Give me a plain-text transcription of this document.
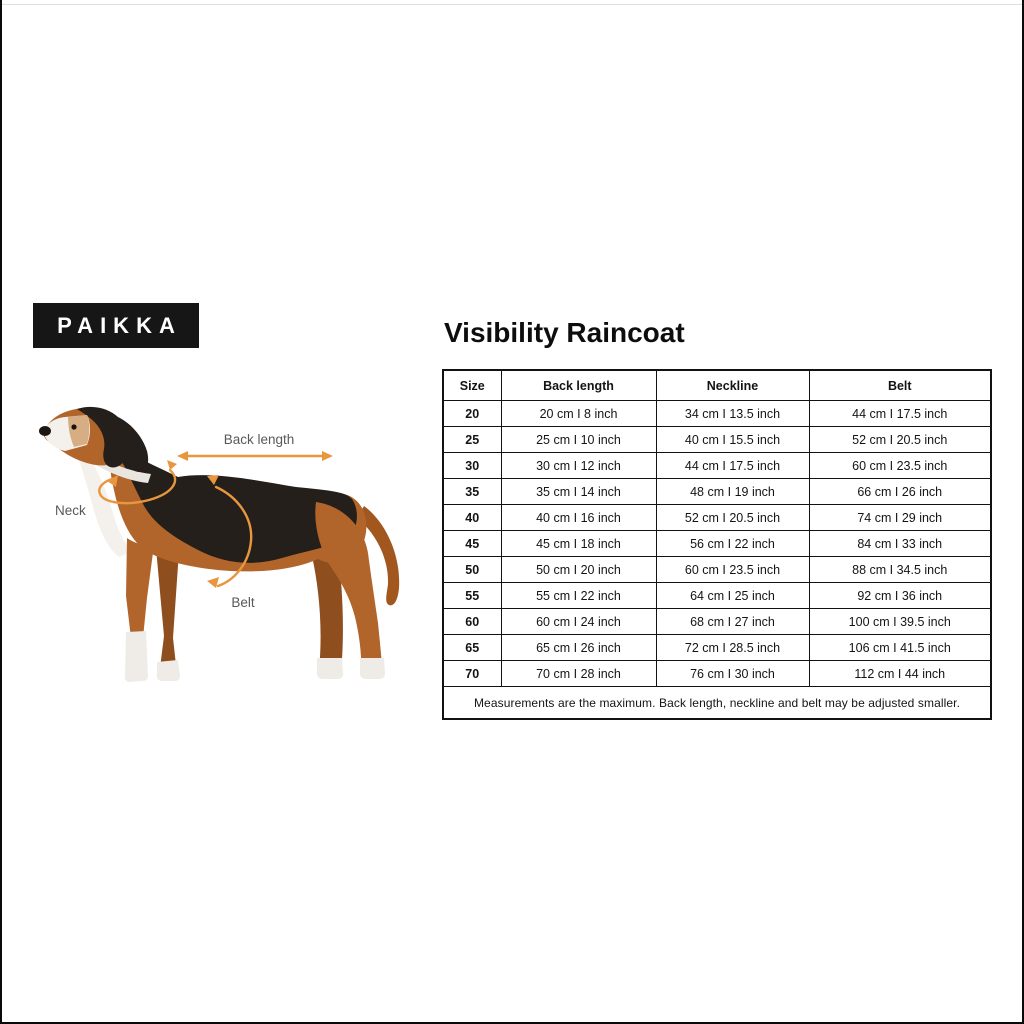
PAIKKA
Back length
Neck
Belt
Visibility Raincoat
Size	Back length	Neckline	Belt
20	20 cm I 8 inch	34 cm I 13.5 inch	44 cm I 17.5 inch
25	25 cm I 10 inch	40 cm I 15.5 inch	52 cm I 20.5 inch
30	30 cm I 12 inch	44 cm I 17.5 inch	60 cm I 23.5 inch
35	35 cm I 14 inch	48 cm I 19 inch	66 cm I 26 inch
40	40 cm I 16 inch	52 cm I 20.5 inch	74 cm I 29 inch
45	45 cm I 18 inch	56 cm I 22 inch	84 cm I 33 inch
50	50 cm I 20 inch	60 cm I 23.5 inch	88 cm I 34.5 inch
55	55 cm I 22 inch	64 cm I 25 inch	92 cm I 36 inch
60	60 cm I 24 inch	68 cm I 27 inch	100 cm I 39.5 inch
65	65 cm I 26 inch	72 cm I 28.5 inch	106 cm I 41.5 inch
70	70 cm I 28 inch	76 cm I 30 inch	112 cm I 44 inch
Measurements are the maximum. Back length, neckline and belt may be adjusted smaller.			
